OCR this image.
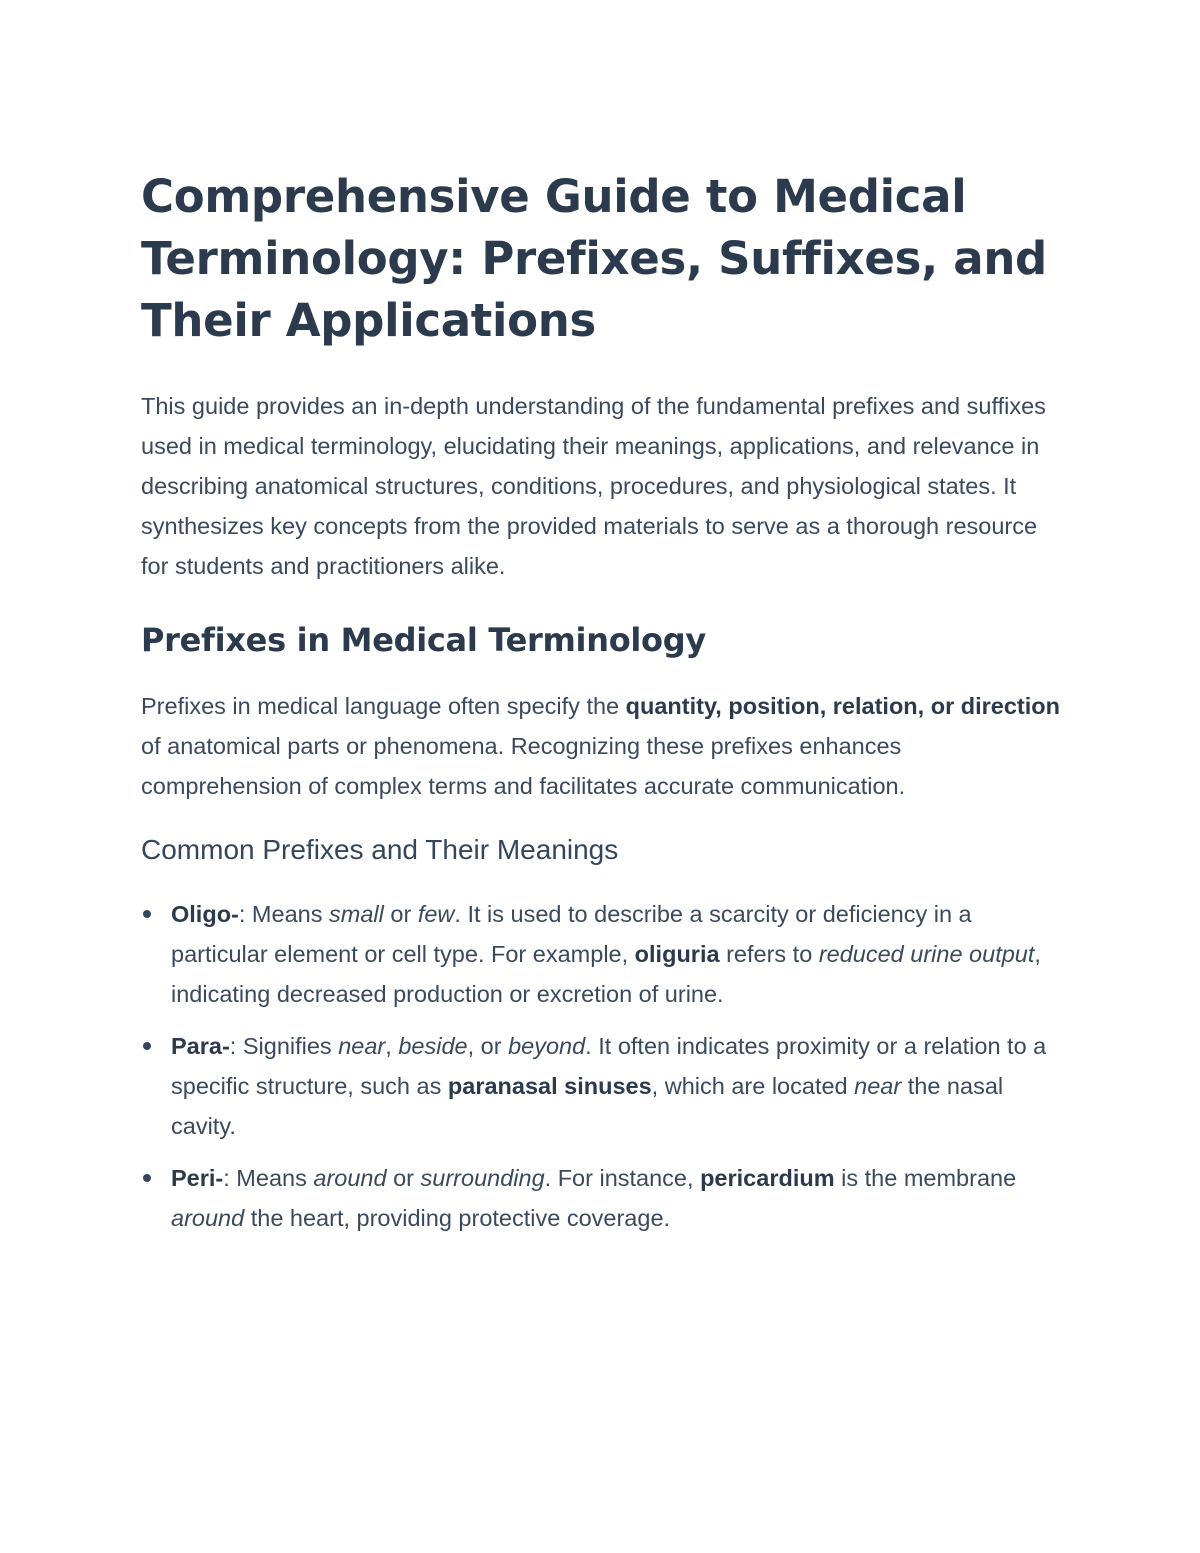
Comprehensive Guide to Medical Terminology: Prefixes, Suffixes, and Their Applications

This guide provides an in-depth understanding of the fundamental prefixes and suffixes used in medical terminology, elucidating their meanings, applications, and relevance in describing anatomical structures, conditions, procedures, and physiological states. It synthesizes key concepts from the provided materials to serve as a thorough resource for students and practitioners alike.

Prefixes in Medical Terminology

Prefixes in medical language often specify the quantity, position, relation, or direction of anatomical parts or phenomena. Recognizing these prefixes enhances comprehension of complex terms and facilitates accurate communication.

Common Prefixes and Their Meanings
Oligo-: Means small or few. It is used to describe a scarcity or deficiency in a particular element or cell type. For example, oliguria refers to reduced urine output, indicating decreased production or excretion of urine.
Para-: Signifies near, beside, or beyond. It often indicates proximity or a relation to a specific structure, such as paranasal sinuses, which are located near the nasal cavity.
Peri-: Means around or surrounding. For instance, pericardium is the membrane around the heart, providing protective coverage.
